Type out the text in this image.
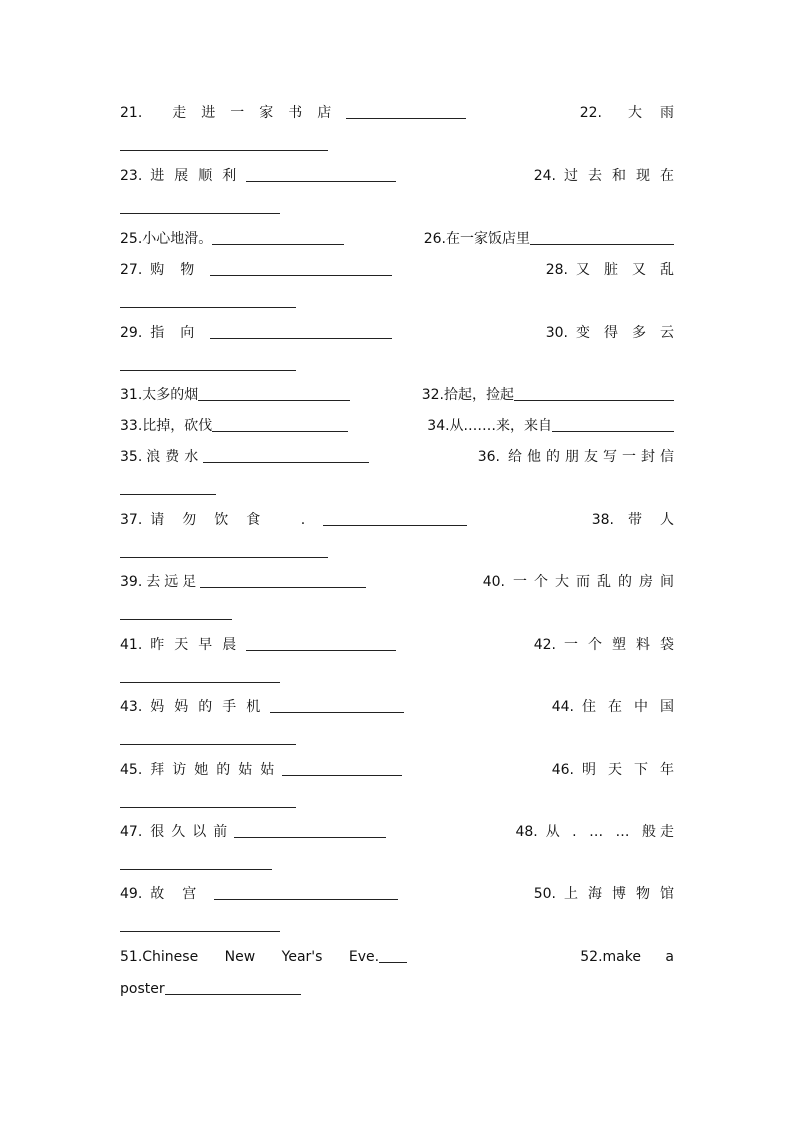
21. 走进一家书店	22. 大雨
23. 进展顺利	24. 过去和现在
25. 小心地滑。	26. 在一家饭店里
27. 购物	28. 又脏又乱
29. 指向	30. 变得多云
31. 太多的烟	32. 拾起，捡起
33. 比掉，砍伐	34. 从.……来，来自
35. 浪费水	36. 给他的朋友写一封信
37. 请勿饮食 .	38. 带人
39. 去远足	40. 一个大而乱的房间
41. 昨天早晨	42. 一个塑料袋
43. 妈妈的手机	44. 住在中国
45. 拜访她的姑姑	46. 明天下年
47. 很久以前	48. 从 . … … 般走
49. 故宫	50. 上海博物馆
51. Chinese New Year's Eve.	52. make a
poster
